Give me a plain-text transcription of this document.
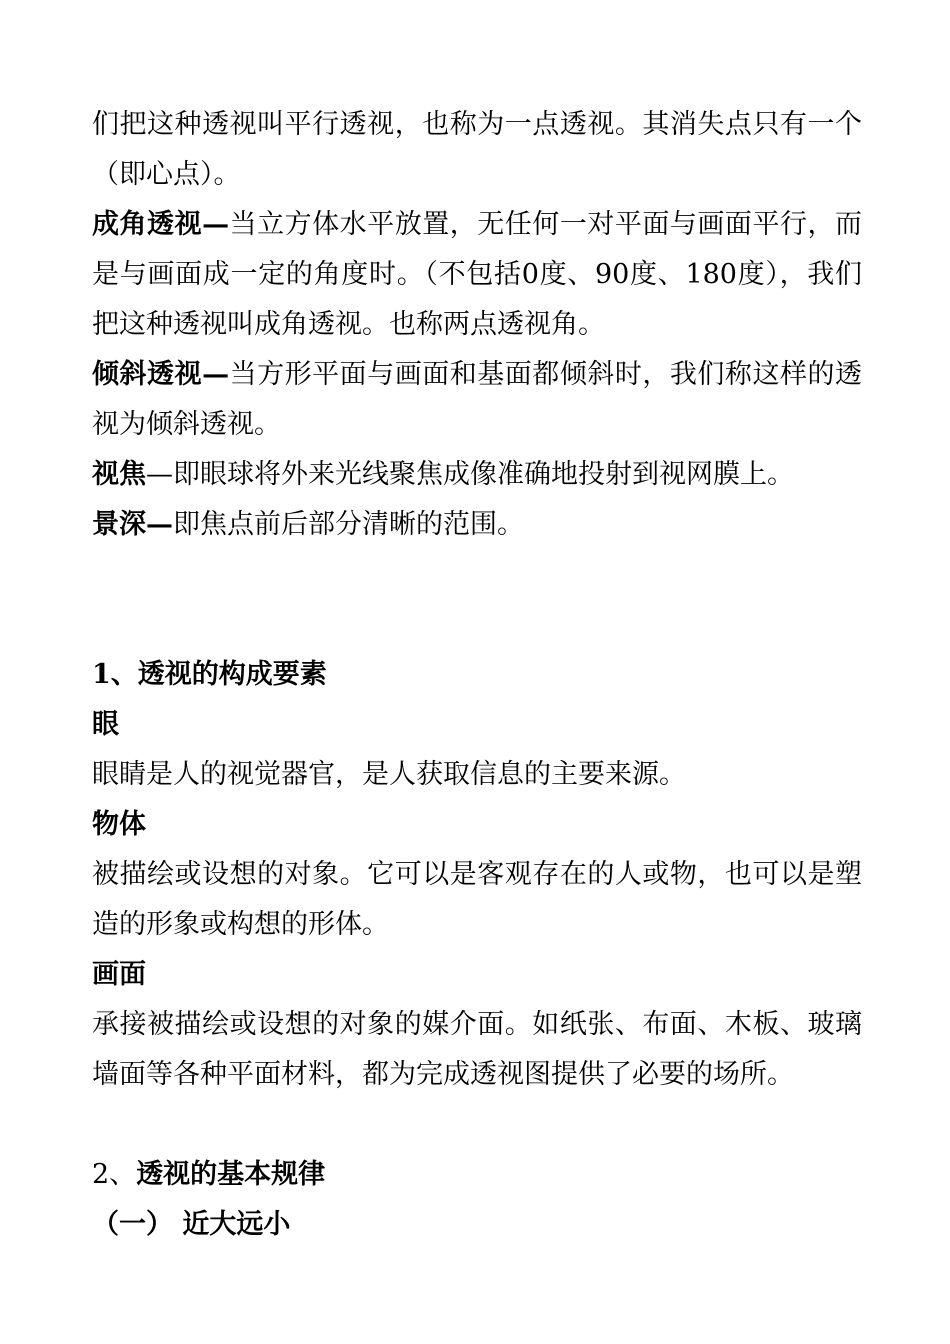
们把这种透视叫平行透视，也称为一点透视。其消失点只有一个（即心点）。

成角透视—当立方体水平放置，无任何一对平面与画面平行，而是与画面成一定的角度时。（不包括0度、90度、180度），我们把这种透视叫成角透视。也称两点透视角。

倾斜透视—当方形平面与画面和基面都倾斜时，我们称这样的透视为倾斜透视。

视焦—即眼球将外来光线聚焦成像准确地投射到视网膜上。

景深—即焦点前后部分清晰的范围。

1、透视的构成要素

眼

眼睛是人的视觉器官，是人获取信息的主要来源。

物体

被描绘或设想的对象。它可以是客观存在的人或物，也可以是塑造的形象或构想的形体。

画面

承接被描绘或设想的对象的媒介面。如纸张、布面、木板、玻璃墙面等各种平面材料，都为完成透视图提供了必要的场所。

2、透视的基本规律

（一） 近大远小
